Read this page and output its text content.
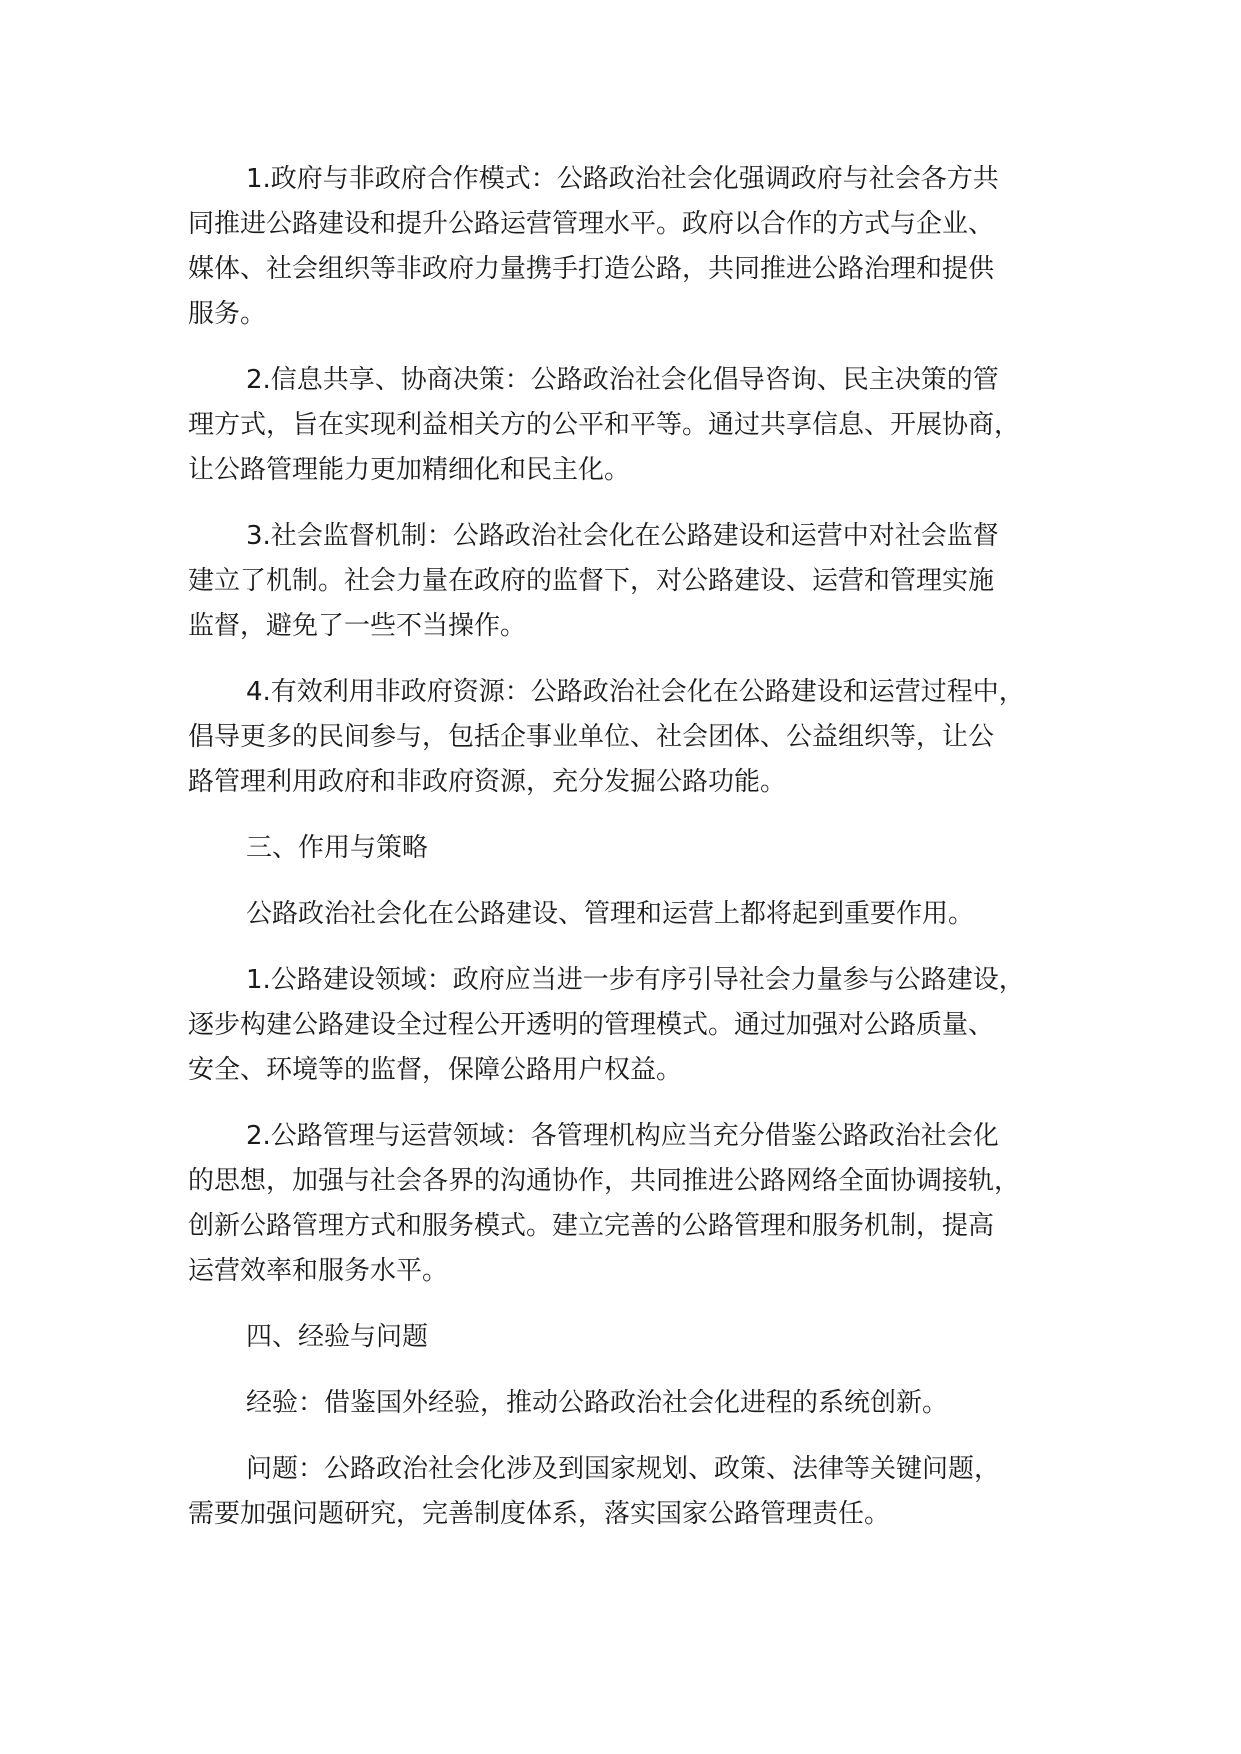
1.政府与非政府合作模式：公路政治社会化强调政府与社会各方共
同推进公路建设和提升公路运营管理水平。政府以合作的方式与企业、
媒体、社会组织等非政府力量携手打造公路，共同推进公路治理和提供
服务。

2.信息共享、协商决策：公路政治社会化倡导咨询、民主决策的管
理方式，旨在实现利益相关方的公平和平等。通过共享信息、开展协商，
让公路管理能力更加精细化和民主化。

3.社会监督机制：公路政治社会化在公路建设和运营中对社会监督
建立了机制。社会力量在政府的监督下，对公路建设、运营和管理实施
监督，避免了一些不当操作。

4.有效利用非政府资源：公路政治社会化在公路建设和运营过程中，
倡导更多的民间参与，包括企事业单位、社会团体、公益组织等，让公
路管理利用政府和非政府资源，充分发掘公路功能。

三、作用与策略

公路政治社会化在公路建设、管理和运营上都将起到重要作用。

1.公路建设领域：政府应当进一步有序引导社会力量参与公路建设，
逐步构建公路建设全过程公开透明的管理模式。通过加强对公路质量、
安全、环境等的监督，保障公路用户权益。

2.公路管理与运营领域：各管理机构应当充分借鉴公路政治社会化
的思想，加强与社会各界的沟通协作，共同推进公路网络全面协调接轨，
创新公路管理方式和服务模式。建立完善的公路管理和服务机制，提高
运营效率和服务水平。

四、经验与问题

经验：借鉴国外经验，推动公路政治社会化进程的系统创新。

问题：公路政治社会化涉及到国家规划、政策、法律等关键问题，
需要加强问题研究，完善制度体系，落实国家公路管理责任。
